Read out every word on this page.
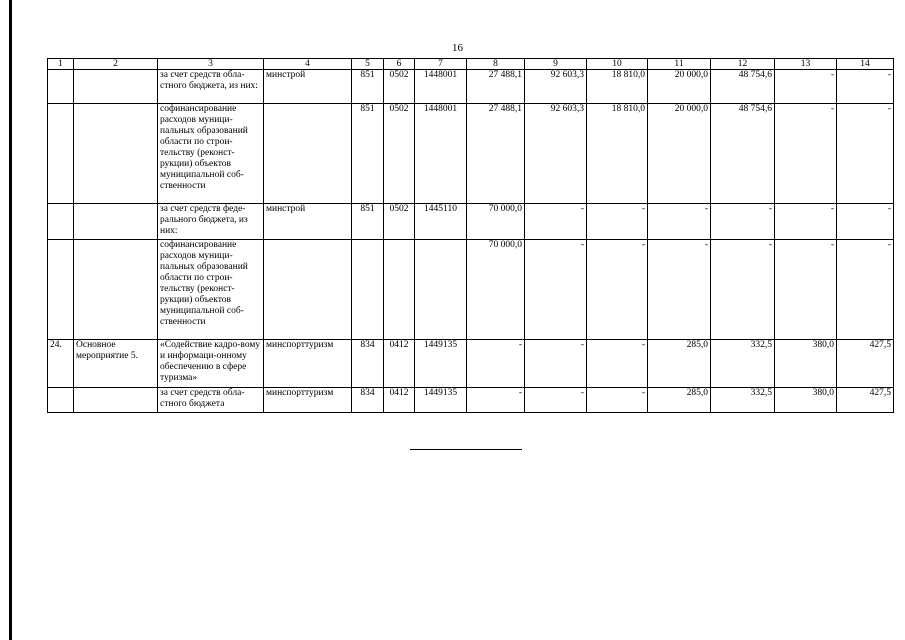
16
1	2	3	4	5	6	7	8	9	10	11	12	13	14
		за счет средств обла-стного бюджета, из них:	минстрой	851	0502	1448001	27 488,1	92 603,3	18 810,0	20 000,0	48 754,6	-	-
		софинансирование расходов муници-пальных образований области по строи-тельству (реконст-рукции) объектов муниципальной соб-ственности		851	0502	1448001	27 488,1	92 603,3	18 810,0	20 000,0	48 754,6	-	-
		за счет средств феде-рального бюджета, из них:	минстрой	851	0502	1445110	70 000,0	-	-	-	-	-	-
		софинансирование расходов муници-пальных образований области по строи-тельству (реконст-рукции) объектов муниципальной соб-ственности					70 000,0	-	-	-	-	-	-
24.	Основное мероприятие 5.	«Содействие кадро-вому и информаци-онному обеспечению в сфере туризма»	минспорттуризм	834	0412	1449135	-	-	-	285,0	332,5	380,0	427,5
		за счет средств обла-стного бюджета	минспорттуризм	834	0412	1449135	-	-	-	285,0	332,5	380,0	427,5
